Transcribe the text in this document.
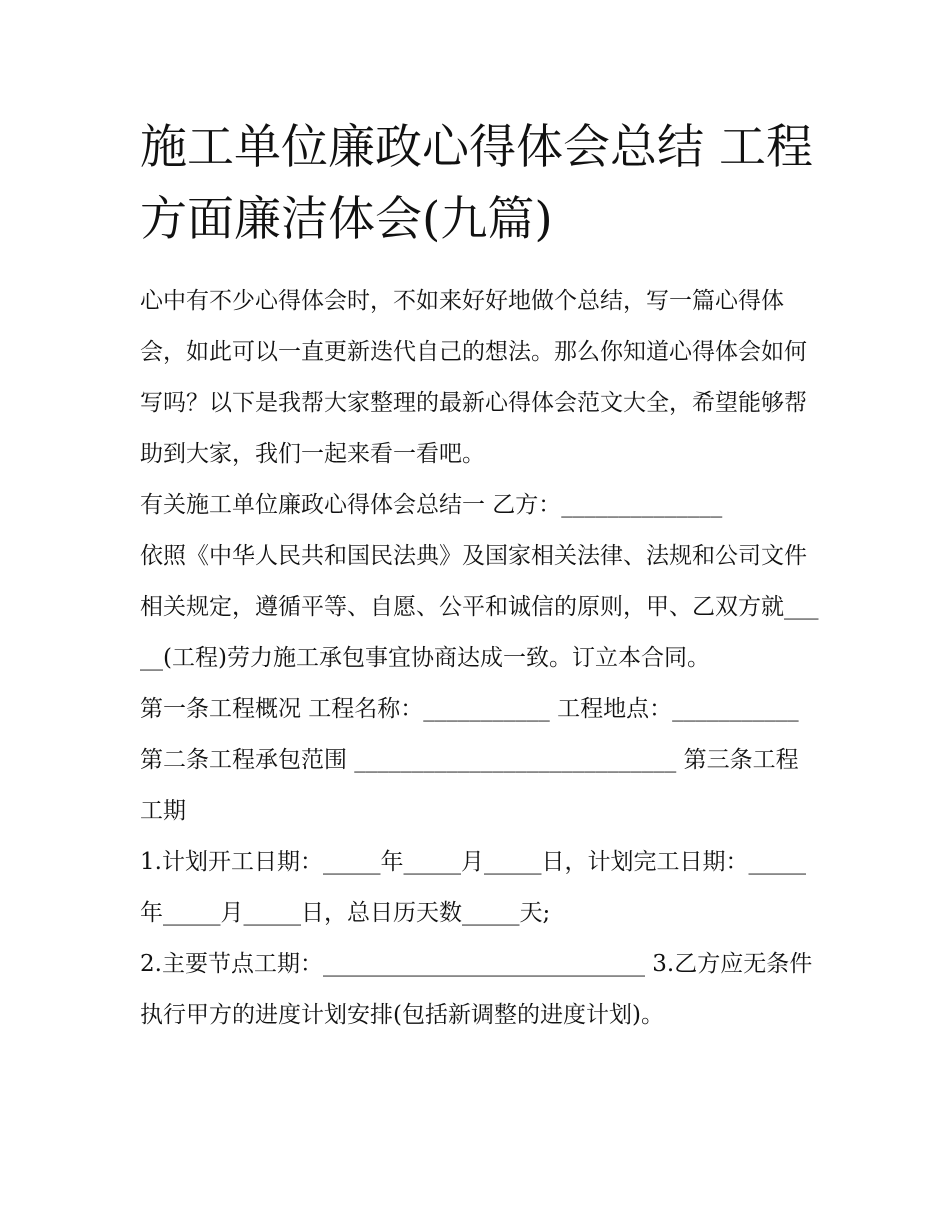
施工单位廉政心得体会总结 工程方面廉洁体会(九篇)

心中有不少心得体会时，不如来好好地做个总结，写一篇心得体会，如此可以一直更新迭代自己的想法。那么你知道心得体会如何写吗？以下是我帮大家整理的最新心得体会范文大全，希望能够帮助到大家，我们一起来看一看吧。

有关施工单位廉政心得体会总结一 乙方：______________

依照《中华人民共和国民法典》及国家相关法律、法规和公司文件相关规定，遵循平等、自愿、公平和诚信的原则，甲、乙双方就_____(工程)劳力施工承包事宜协商达成一致。订立本合同。

第一条工程概况 工程名称：___________ 工程地点：___________ 第二条工程承包范围 ____________________________ 第三条工程工期

1.计划开工日期：_____年_____月_____日，计划完工日期：_____年_____月_____日，总日历天数_____天;

2.主要节点工期：____________________________ 3.乙方应无条件执行甲方的进度计划安排(包括新调整的进度计划)。
